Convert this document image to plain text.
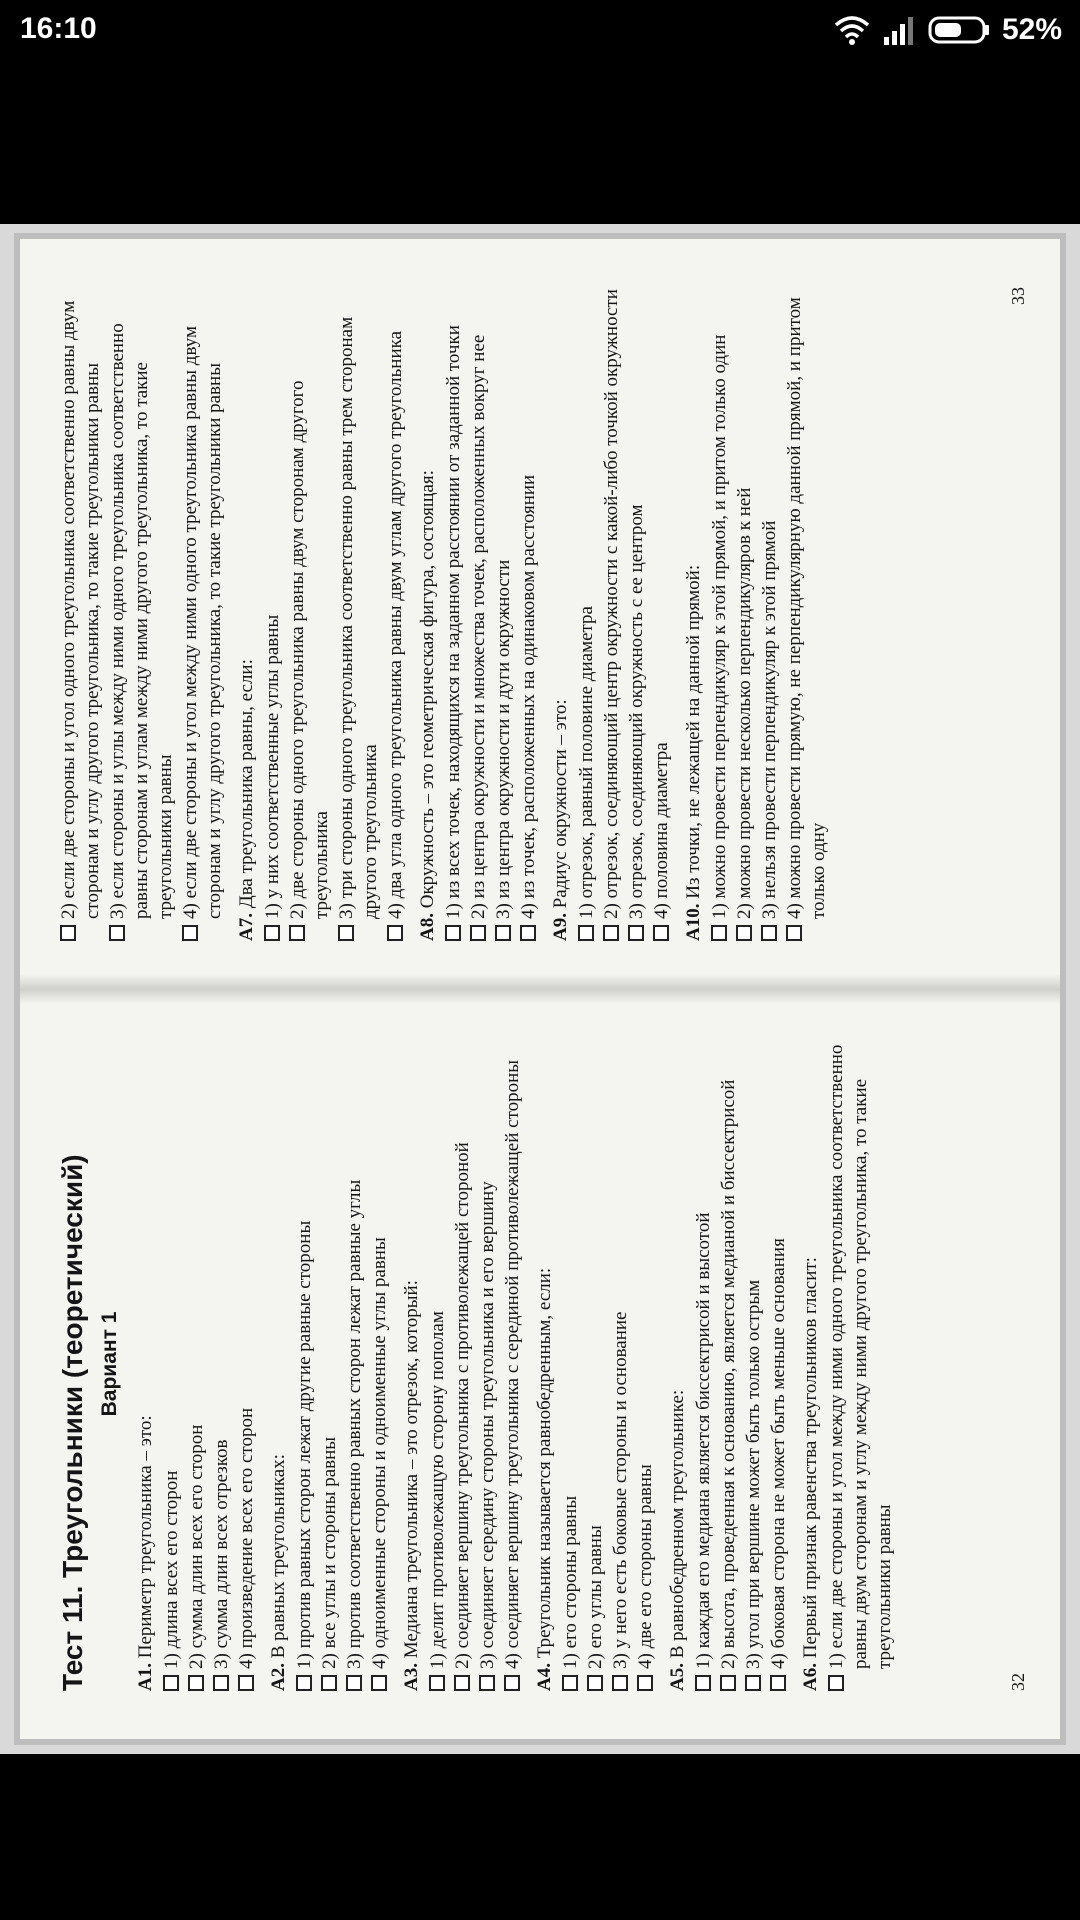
16:10	52%
Тест 11. Треугольники (теоретический) Вариант 1
А1. Периметр треугольника – это: 1) длина всех его сторон 2) сумма длин всех его сторон 3) сумма длин всех отрезков 4) произведение всех его сторон
А2. В равных треугольниках: 1) против равных сторон лежат другие равные стороны 2) все углы и стороны равны 3) против соответственно равных сторон лежат равные углы 4) одноименные стороны и одноименные углы равны
А3. Медиана треугольника – это отрезок, который: 1) делит противолежащую сторону пополам 2) соединяет вершину треугольника с противолежащей стороной 3) соединяет середину стороны треугольника и его вершину 4) соединяет вершину треугольника с серединой противолежащей стороны
А4. Треугольник называется равнобедренным, если: 1) его стороны равны 2) его углы равны 3) у него есть боковые стороны и основание 4) две его стороны равны
А5. В равнобедренном треугольнике: 1) каждая его медиана является биссектрисой и высотой 2) высота, проведенная к основанию, является медианой и биссектрисой 3) угол при вершине может быть только острым 4) боковая сторона не может быть меньше основания
А6. Первый признак равенства треугольников гласит: 1) если две стороны и угол между ними одного треугольника соответственно равны двум сторонам и углу между ними другого треугольника, то такие треугольники равны
32
2) если две стороны и угол одного треугольника соответственно равны двум сторонам и углу другого треугольника, то такие треугольники равны 3) если стороны и углы между ними одного треугольника соответственно равны сторонам и углам между ними другого треугольника, то такие треугольники равны 4) если две стороны и угол между ними одного треугольника равны двум сторонам и углу другого треугольника, то такие треугольники равны
А7. Два треугольника равны, если: 1) у них соответственные углы равны 2) две стороны одного треугольника равны двум сторонам другого треугольника 3) три стороны одного треугольника соответственно равны трем сторонам другого треугольника 4) два угла одного треугольника равны двум углам другого треугольника
А8. Окружность – это геометрическая фигура, состоящая: 1) из всех точек, находящихся на заданном расстоянии от заданной точки 2) из центра окружности и множества точек, расположенных вокруг нее 3) из центра окружности и дуги окружности 4) из точек, расположенных на одинаковом расстоянии
А9. Радиус окружности – это: 1) отрезок, равный половине диаметра 2) отрезок, соединяющий центр окружности с какой-либо точкой окружности 3) отрезок, соединяющий окружность с ее центром 4) половина диаметра
А10. Из точки, не лежащей на данной прямой: 1) можно провести перпендикуляр к этой прямой, и притом только один 2) можно провести несколько перпендикуляров к ней 3) нельзя провести перпендикуляр к этой прямой 4) можно провести прямую, не перпендикулярную данной прямой, и притом только одну
33
